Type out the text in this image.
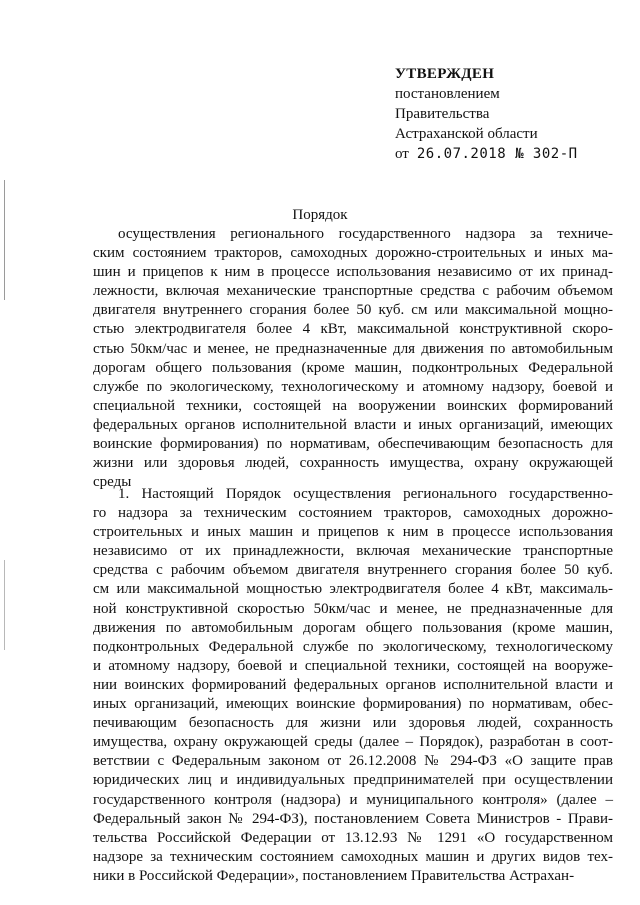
УТВЕРЖДЕН
постановлением
Правительства
Астраханской области
от 26.07.2018 № 302-П
Порядок
осуществления регионального государственного надзора за техниче-
ским состоянием тракторов, самоходных дорожно-строительных и иных ма-
шин и прицепов к ним в процессе использования независимо от их принад-
лежности, включая механические транспортные средства с рабочим объемом
двигателя внутреннего сгорания более 50 куб. см или максимальной мощно-
стью электродвигателя более 4 кВт, максимальной конструктивной скоро-
стью 50км/час и менее, не предназначенные для движения по автомобильным
дорогам общего пользования (кроме машин, подконтрольных Федеральной
службе по экологическому, технологическому и атомному надзору, боевой и
специальной техники, состоящей на вооружении воинских формирований
федеральных органов исполнительной власти и иных организаций, имеющих
воинские формирования) по нормативам, обеспечивающим безопасность для
жизни или здоровья людей, сохранность имущества, охрану окружающей
среды
1. Настоящий Порядок осуществления регионального государственно-
го надзора за техническим состоянием тракторов, самоходных дорожно-
строительных и иных машин и прицепов к ним в процессе использования
независимо от их принадлежности, включая механические транспортные
средства с рабочим объемом двигателя внутреннего сгорания более 50 куб.
см или максимальной мощностью электродвигателя более 4 кВт, максималь-
ной конструктивной скоростью 50км/час и менее, не предназначенные для
движения по автомобильным дорогам общего пользования (кроме машин,
подконтрольных Федеральной службе по экологическому, технологическому
и атомному надзору, боевой и специальной техники, состоящей на вооруже-
нии воинских формирований федеральных органов исполнительной власти и
иных организаций, имеющих воинские формирования) по нормативам, обес-
печивающим безопасность для жизни или здоровья людей, сохранность
имущества, охрану окружающей среды (далее – Порядок), разработан в соот-
ветствии с Федеральным законом от 26.12.2008 № 294-ФЗ «О защите прав
юридических лиц и индивидуальных предпринимателей при осуществлении
государственного контроля (надзора) и муниципального контроля» (далее –
Федеральный закон № 294-ФЗ), постановлением Совета Министров - Прави-
тельства Российской Федерации от 13.12.93 № 1291 «О государственном
надзоре за техническим состоянием самоходных машин и других видов тех-
ники в Российской Федерации», постановлением Правительства Астрахан-
